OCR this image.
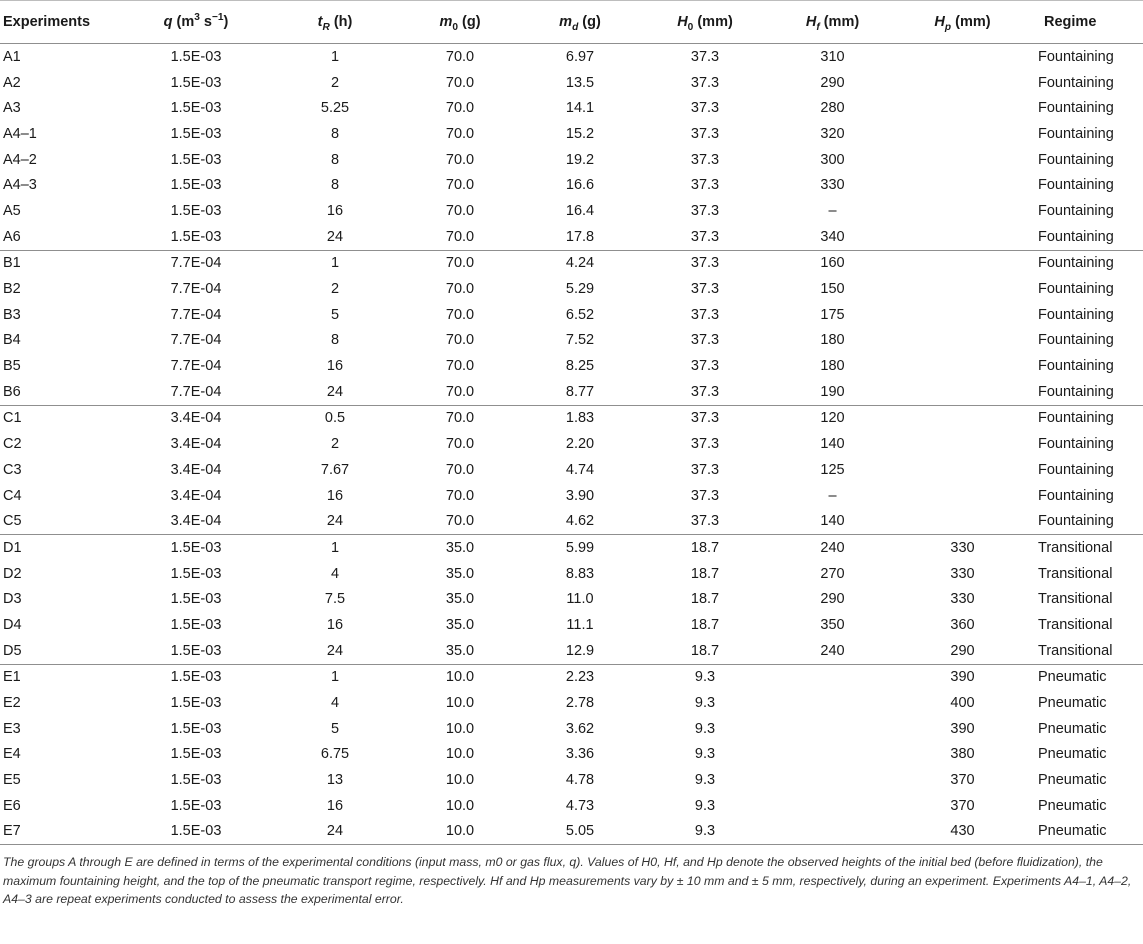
Experiments	q ($m^3$ $s^{-1}$)	$t_R$ (h)	$m_0$ (g)	$m_d$ (g)	$H_0$ (mm)	$H_f$ (mm)	$H_p$ (mm)	Regime
A1	1.5E-03	1	70.0	6.97	37.3	310		Fountaining
A2	1.5E-03	2	70.0	13.5	37.3	290		Fountaining
A3	1.5E-03	5.25	70.0	14.1	37.3	280		Fountaining
A4–1	1.5E-03	8	70.0	15.2	37.3	320		Fountaining
A4–2	1.5E-03	8	70.0	19.2	37.3	300		Fountaining
A4–3	1.5E-03	8	70.0	16.6	37.3	330		Fountaining
A5	1.5E-03	16	70.0	16.4	37.3	–		Fountaining
A6	1.5E-03	24	70.0	17.8	37.3	340		Fountaining
B1	7.7E-04	1	70.0	4.24	37.3	160		Fountaining
B2	7.7E-04	2	70.0	5.29	37.3	150		Fountaining
B3	7.7E-04	5	70.0	6.52	37.3	175		Fountaining
B4	7.7E-04	8	70.0	7.52	37.3	180		Fountaining
B5	7.7E-04	16	70.0	8.25	37.3	180		Fountaining
B6	7.7E-04	24	70.0	8.77	37.3	190		Fountaining
C1	3.4E-04	0.5	70.0	1.83	37.3	120		Fountaining
C2	3.4E-04	2	70.0	2.20	37.3	140		Fountaining
C3	3.4E-04	7.67	70.0	4.74	37.3	125		Fountaining
C4	3.4E-04	16	70.0	3.90	37.3	–		Fountaining
C5	3.4E-04	24	70.0	4.62	37.3	140		Fountaining
D1	1.5E-03	1	35.0	5.99	18.7	240	330	Transitional
D2	1.5E-03	4	35.0	8.83	18.7	270	330	Transitional
D3	1.5E-03	7.5	35.0	11.0	18.7	290	330	Transitional
D4	1.5E-03	16	35.0	11.1	18.7	350	360	Transitional
D5	1.5E-03	24	35.0	12.9	18.7	240	290	Transitional
E1	1.5E-03	1	10.0	2.23	9.3		390	Pneumatic
E2	1.5E-03	4	10.0	2.78	9.3		400	Pneumatic
E3	1.5E-03	5	10.0	3.62	9.3		390	Pneumatic
E4	1.5E-03	6.75	10.0	3.36	9.3		380	Pneumatic
E5	1.5E-03	13	10.0	4.78	9.3		370	Pneumatic
E6	1.5E-03	16	10.0	4.73	9.3		370	Pneumatic
E7	1.5E-03	24	10.0	5.05	9.3		430	Pneumatic
The groups A through E are defined in terms of the experimental conditions (input mass, m0 or gas flux, q). Values of H0, Hf, and Hp denote the observed heights of the initial bed (before fluidization), the maximum fountaining height, and the top of the pneumatic transport regime, respectively. Hf and Hp measurements vary by ± 10 mm and ± 5 mm, respectively, during an experiment. Experiments A4–1, A4–2, A4–3 are repeat experiments conducted to assess the experimental error.
